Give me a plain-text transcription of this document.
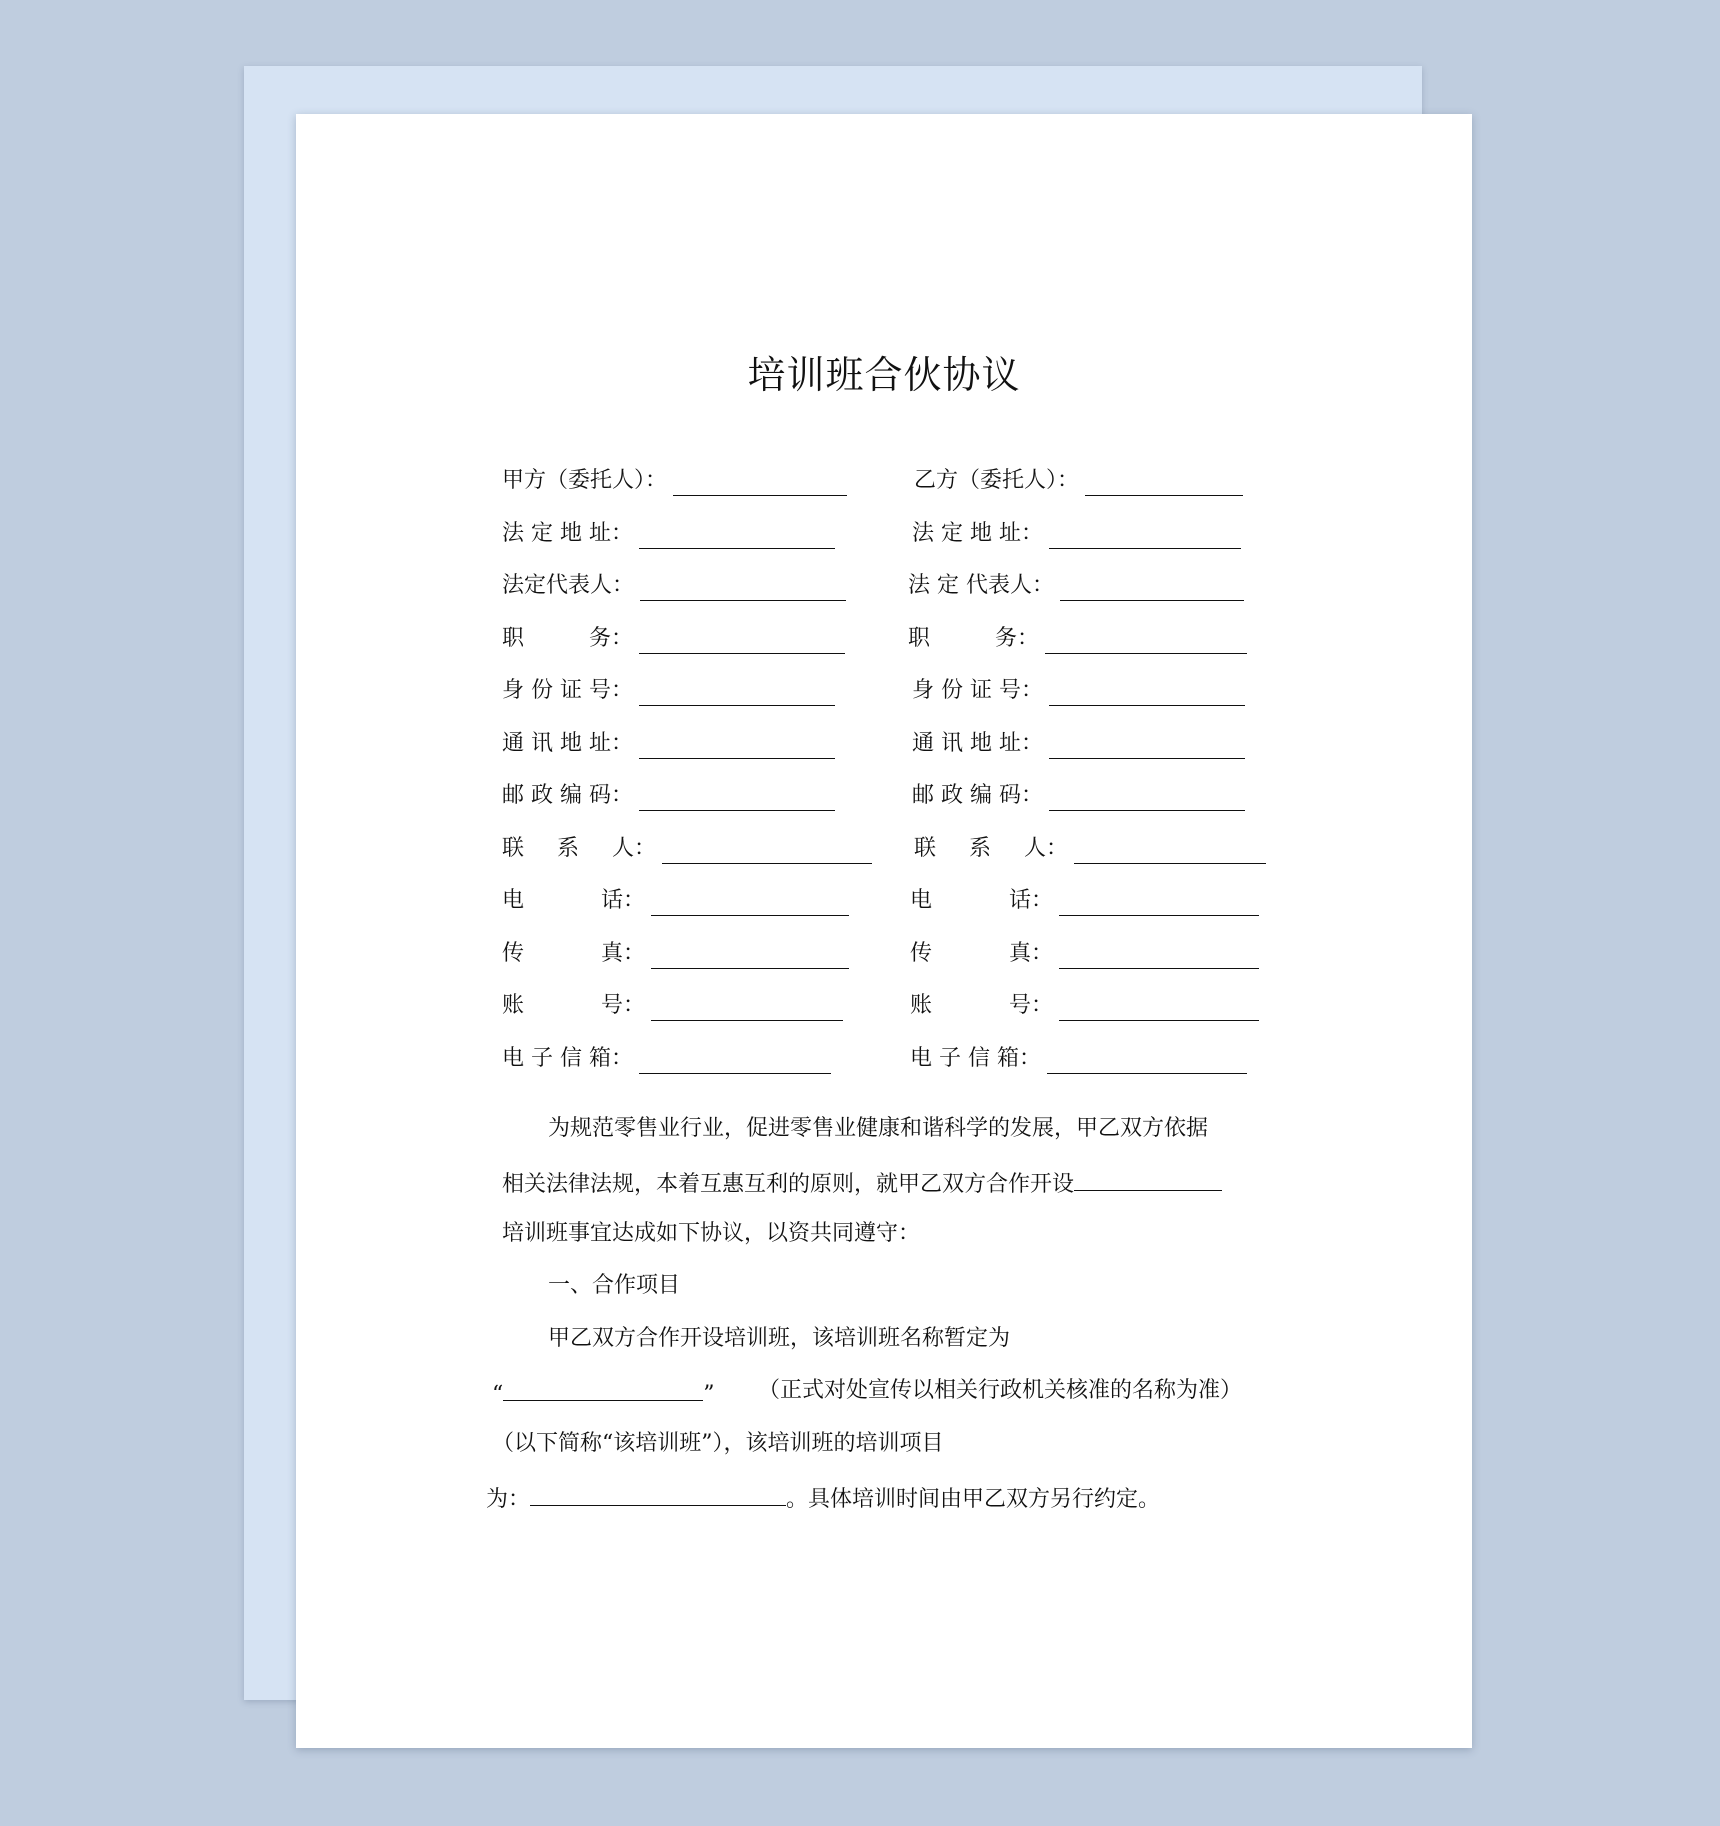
培训班合伙协议
甲方（委托人）：
法 定 地 址：
法定代表人：
职 务：
身 份 证 号：
通 讯 地 址：
邮 政 编 码：
联 系 人：
电 话：
传 真：
账 号：
电 子 信 箱：
乙方（委托人）：
法 定 地 址：
法 定 代表人：
职 务：
身 份 证 号：
通 讯 地 址：
邮 政 编 码：
联 系 人：
电 话：
传 真：
账 号：
电 子 信 箱：
为规范零售业行业，促进零售业健康和谐科学的发展，甲乙双方依据
相关法律法规，本着互惠互利的原则，就甲乙双方合作开设
培训班事宜达成如下协议，以资共同遵守：
一、合作项目
甲乙双方合作开设培训班，该培训班名称暂定为
“	” （正式对处宣传以相关行政机关核准的名称为准）
（以下简称“该培训班”），该培训班的培训项目
为：	。具体培训时间由甲乙双方另行约定。
